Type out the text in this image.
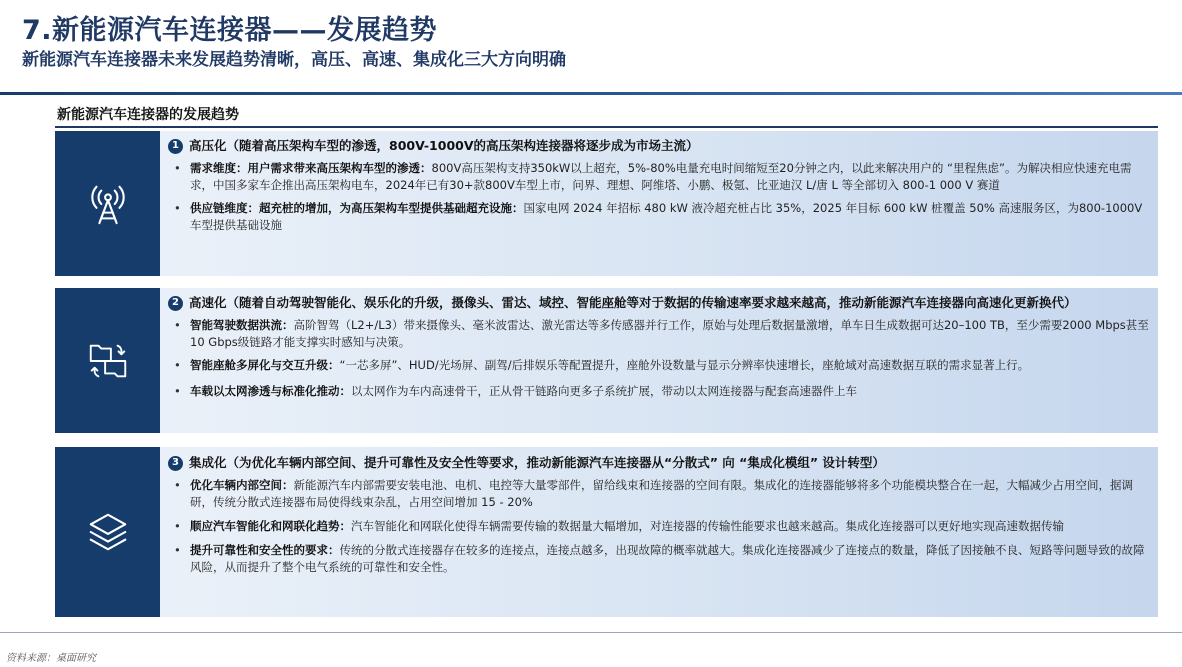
7.新能源汽车连接器——发展趋势
新能源汽车连接器未来发展趋势清晰，高压、高速、集成化三大方向明确
新能源汽车连接器的发展趋势
1 高压化（随着高压架构车型的渗透，800V-1000V的高压架构连接器将逐步成为市场主流）
• 需求维度：用户需求带来高压架构车型的渗透：800V高压架构支持350kW以上超充，5%-80%电量充电时间缩短至20分钟之内，以此来解决用户的 “里程焦虑”。为解决相应快速充电需求，中国多家车企推出高压架构电车，2024年已有30+款800V车型上市，问界、理想、阿维塔、小鹏、极氪、比亚迪汉 L/唐 L 等全部切入 800-1 000 V 赛道
• 供应链维度：超充桩的增加，为高压架构车型提供基础超充设施：国家电网 2024 年招标 480 kW 液冷超充桩占比 35%，2025 年目标 600 kW 桩覆盖 50% 高速服务区，为800-1000V车型提供基础设施
2 高速化（随着自动驾驶智能化、娱乐化的升级，摄像头、雷达、域控、智能座舱等对于数据的传输速率要求越来越高，推动新能源汽车连接器向高速化更新换代）
• 智能驾驶数据洪流：高阶智驾（L2+/L3）带来摄像头、毫米波雷达、激光雷达等多传感器并行工作，原始与处理后数据量激增，单车日生成数据可达20–100 TB，至少需要2000 Mbps甚至10 Gbps级链路才能支撑实时感知与决策。
• 智能座舱多屏化与交互升级：“一芯多屏”、HUD/光场屏、副驾/后排娱乐等配置提升，座舱外设数量与显示分辨率快速增长，座舱域对高速数据互联的需求显著上行。
• 车载以太网渗透与标准化推动：以太网作为车内高速骨干，正从骨干链路向更多子系统扩展，带动以太网连接器与配套高速器件上车
3 集成化（为优化车辆内部空间、提升可靠性及安全性等要求，推动新能源汽车连接器从“分散式” 向 “集成化模组” 设计转型）
• 优化车辆内部空间：新能源汽车内部需要安装电池、电机、电控等大量零部件，留给线束和连接器的空间有限。集成化的连接器能够将多个功能模块整合在一起，大幅减少占用空间，据调研，传统分散式连接器布局使得线束杂乱，占用空间增加 15 - 20%
• 顺应汽车智能化和网联化趋势：汽车智能化和网联化使得车辆需要传输的数据量大幅增加，对连接器的传输性能要求也越来越高。集成化连接器可以更好地实现高速数据传输
• 提升可靠性和安全性的要求：传统的分散式连接器存在较多的连接点，连接点越多，出现故障的概率就越大。集成化连接器减少了连接点的数量，降低了因接触不良、短路等问题导致的故障风险，从而提升了整个电气系统的可靠性和安全性。
资料来源：桌面研究
